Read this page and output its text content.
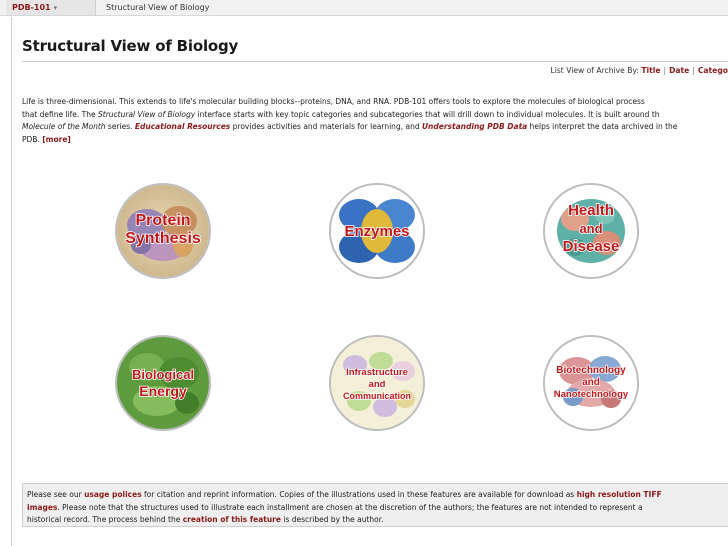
PDB-101 ▾	Structural View of Biology
Structural View of Biology
List View of Archive By: Title | Date | Catego
Life is three-dimensional. This extends to life's molecular building blocks--proteins, DNA, and RNA. PDB-101 offers tools to explore the molecules of biological process
that define life. The Structural View of Biology interface starts with key topic categories and subcategories that will drill down to individual molecules. It is built around th
Molecule of the Month series. Educational Resources provides activities and materials for learning, and Understanding PDB Data helps interpret the data archived in the
PDB. [more]
Protein
Synthesis	Enzymes
Health
and
Disease
Biological
Energy
Infrastructure
and
Communication
Biotechnology
and
Nanotechnology
Please see our usage polices for citation and reprint information. Copies of the illustrations used in these features are available for download as high resolution TIFF
images. Please note that the structures used to illustrate each installment are chosen at the discretion of the authors; the features are not intended to represent a
historical record. The process behind the creation of this feature is described by the author.
